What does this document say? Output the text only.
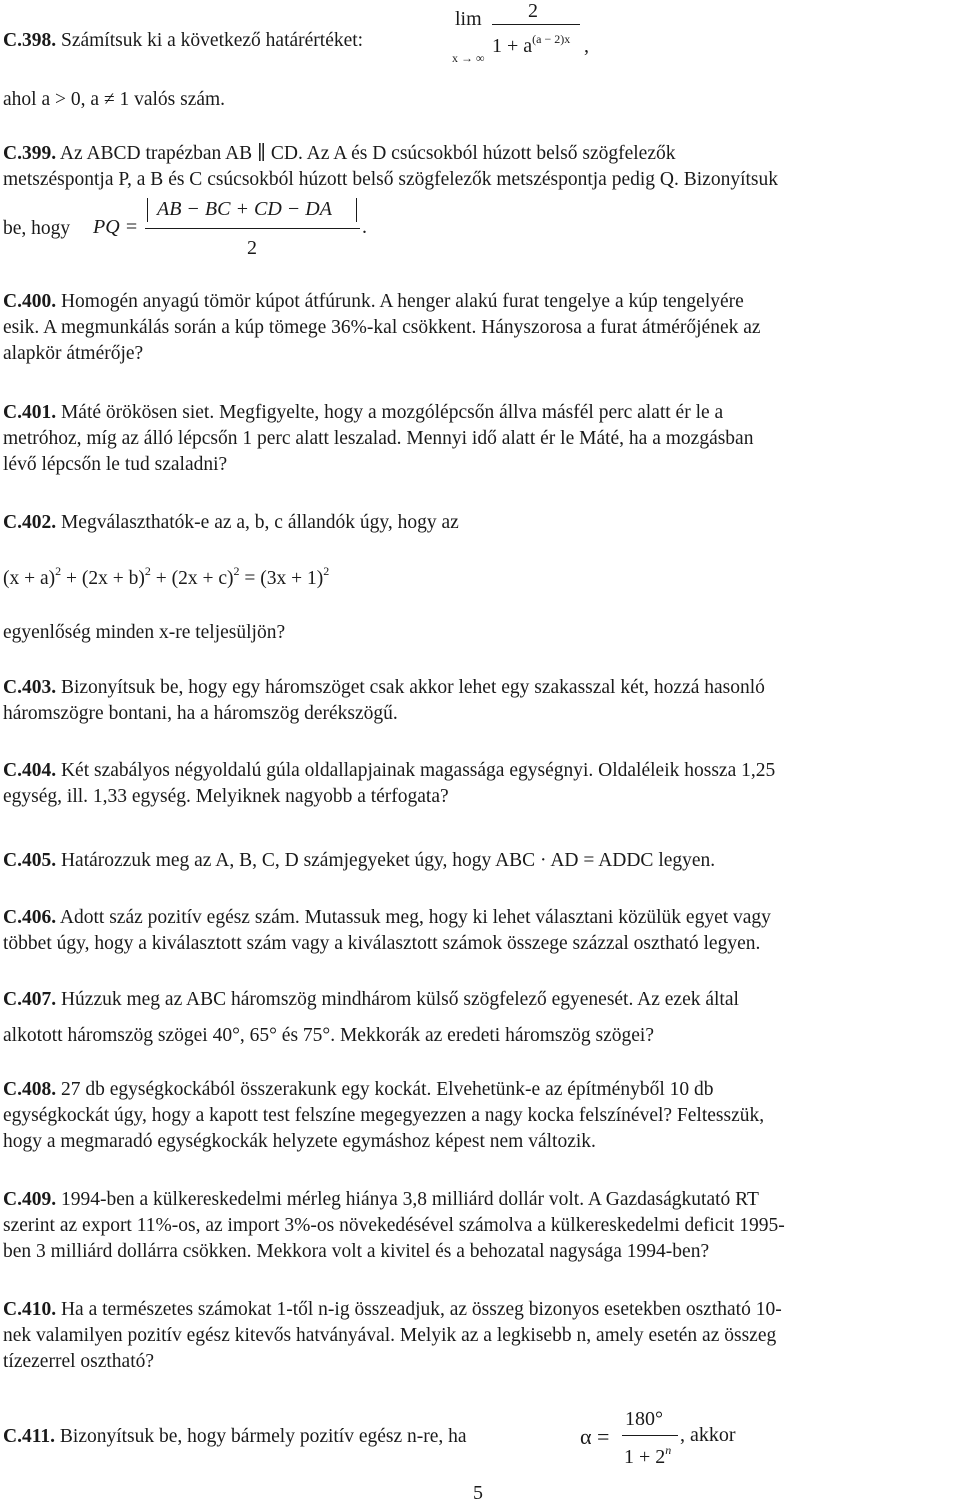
C.398. Számítsuk ki a következő határértéket:
lim
x → ∞
2
$1 + a^{(a - 2)x}$ ,
ahol a > 0, a ≠ 1 valós szám.
C.399. Az ABCD trapézban AB ∥ CD. Az A és D csúcsokból húzott belső szögfelezők
metszéspontja P, a B és C csúcsokból húzott belső szögfelezők metszéspontja pedig Q. Bizonyítsuk
be, hogy	PQ =
AB − BC + CD − DA
2
.
C.400. Homogén anyagú tömör kúpot átfúrunk. A henger alakú furat tengelye a kúp tengelyére
esik. A megmunkálás során a kúp tömege 36%-kal csökkent. Hányszorosa a furat átmérőjének az
alapkör átmérője?
C.401. Máté örökösen siet. Megfigyelte, hogy a mozgólépcsőn állva másfél perc alatt ér le a
metróhoz, míg az álló lépcsőn 1 perc alatt leszalad. Mennyi idő alatt ér le Máté, ha a mozgásban
lévő lépcsőn le tud szaladni?
C.402. Megválaszthatók-e az a, b, c állandók úgy, hogy az
$(x + a)^2 + (2x + b)^2 + (2x + c)^2 = (3x + 1)^2$
egyenlőség minden x-re teljesüljön?
C.403. Bizonyítsuk be, hogy egy háromszöget csak akkor lehet egy szakasszal két, hozzá hasonló
háromszögre bontani, ha a háromszög derékszögű.
C.404. Két szabályos négyoldalú gúla oldallapjainak magassága egységnyi. Oldaléleik hossza 1,25
egység, ill. 1,33 egység. Melyiknek nagyobb a térfogata?
C.405. Határozzuk meg az A, B, C, D számjegyeket úgy, hogy ABC · AD = ADDC legyen.
C.406. Adott száz pozitív egész szám. Mutassuk meg, hogy ki lehet választani közülük egyet vagy
többet úgy, hogy a kiválasztott szám vagy a kiválasztott számok összege százzal osztható legyen.
C.407. Húzzuk meg az ABC háromszög mindhárom külső szögfelező egyenesét. Az ezek által
alkotott háromszög szögei 40°, 65° és 75°. Mekkorák az eredeti háromszög szögei?
C.408. 27 db egységkockából összerakunk egy kockát. Elvehetünk-e az építményből 10 db
egységkockát úgy, hogy a kapott test felszíne megegyezzen a nagy kocka felszínével? Feltesszük,
hogy a megmaradó egységkockák helyzete egymáshoz képest nem változik.
C.409. 1994-ben a külkereskedelmi mérleg hiánya 3,8 milliárd dollár volt. A Gazdaságkutató RT
szerint az export 11%-os, az import 3%-os növekedésével számolva a külkereskedelmi deficit 1995-
ben 3 milliárd dollárra csökken. Mekkora volt a kivitel és a behozatal nagysága 1994-ben?
C.410. Ha a természetes számokat 1-től n-ig összeadjuk, az összeg bizonyos esetekben osztható 10-
nek valamilyen pozitív egész kitevős hatványával. Melyik az a legkisebb n, amely esetén az összeg
tízezerrel osztható?
C.411. Bizonyítsuk be, hogy bármely pozitív egész n-re, ha	α =
180°
$1 + 2^n$
, akkor
5
